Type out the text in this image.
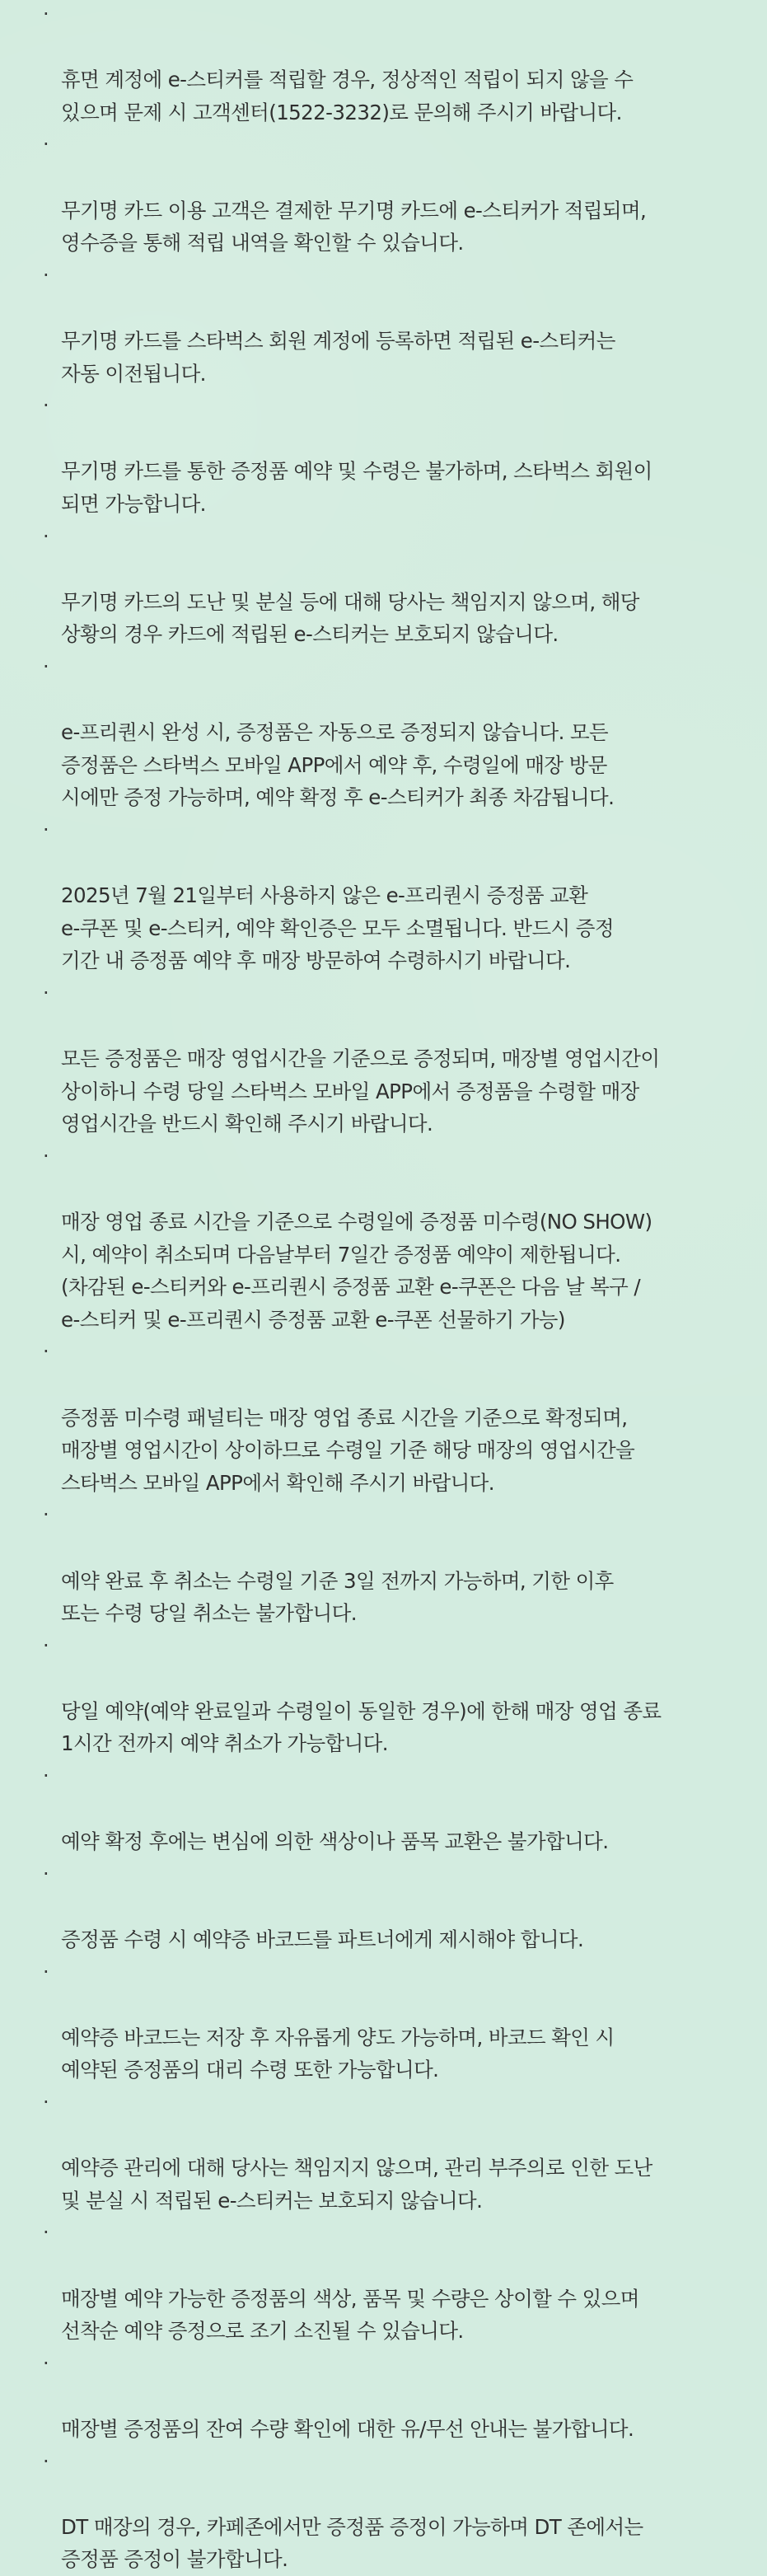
·

휴면 계정에 e-스티커를 적립할 경우, 정상적인 적립이 되지 않을 수
있으며 문제 시 고객센터(1522-3232)로 문의해 주시기 바랍니다.

·

무기명 카드 이용 고객은 결제한 무기명 카드에 e-스티커가 적립되며,
영수증을 통해 적립 내역을 확인할 수 있습니다.

·

무기명 카드를 스타벅스 회원 계정에 등록하면 적립된 e-스티커는
자동 이전됩니다.

·

무기명 카드를 통한 증정품 예약 및 수령은 불가하며, 스타벅스 회원이
되면 가능합니다.

·

무기명 카드의 도난 및 분실 등에 대해 당사는 책임지지 않으며, 해당
상황의 경우 카드에 적립된 e-스티커는 보호되지 않습니다.

·

e-프리퀀시 완성 시, 증정품은 자동으로 증정되지 않습니다. 모든
증정품은 스타벅스 모바일 APP에서 예약 후, 수령일에 매장 방문
시에만 증정 가능하며, 예약 확정 후 e-스티커가 최종 차감됩니다.

·

2025년 7월 21일부터 사용하지 않은 e-프리퀀시 증정품 교환
e-쿠폰 및 e-스티커, 예약 확인증은 모두 소멸됩니다. 반드시 증정
기간 내 증정품 예약 후 매장 방문하여 수령하시기 바랍니다.

·

모든 증정품은 매장 영업시간을 기준으로 증정되며, 매장별 영업시간이
상이하니 수령 당일 스타벅스 모바일 APP에서 증정품을 수령할 매장
영업시간을 반드시 확인해 주시기 바랍니다.

·

매장 영업 종료 시간을 기준으로 수령일에 증정품 미수령(NO SHOW)
시, 예약이 취소되며 다음날부터 7일간 증정품 예약이 제한됩니다.
(차감된 e-스티커와 e-프리퀀시 증정품 교환 e-쿠폰은 다음 날 복구 /
e-스티커 및 e-프리퀀시 증정품 교환 e-쿠폰 선물하기 가능)

·

증정품 미수령 패널티는 매장 영업 종료 시간을 기준으로 확정되며,
매장별 영업시간이 상이하므로 수령일 기준 해당 매장의 영업시간을
스타벅스 모바일 APP에서 확인해 주시기 바랍니다.

·

예약 완료 후 취소는 수령일 기준 3일 전까지 가능하며, 기한 이후
또는 수령 당일 취소는 불가합니다.

·

당일 예약(예약 완료일과 수령일이 동일한 경우)에 한해 매장 영업 종료
1시간 전까지 예약 취소가 가능합니다.

·

예약 확정 후에는 변심에 의한 색상이나 품목 교환은 불가합니다.

·

증정품 수령 시 예약증 바코드를 파트너에게 제시해야 합니다.

·

예약증 바코드는 저장 후 자유롭게 양도 가능하며, 바코드 확인 시
예약된 증정품의 대리 수령 또한 가능합니다.

·

예약증 관리에 대해 당사는 책임지지 않으며, 관리 부주의로 인한 도난
및 분실 시 적립된 e-스티커는 보호되지 않습니다.

·

매장별 예약 가능한 증정품의 색상, 품목 및 수량은 상이할 수 있으며
선착순 예약 증정으로 조기 소진될 수 있습니다.

·

매장별 증정품의 잔여 수량 확인에 대한 유/무선 안내는 불가합니다.

·

DT 매장의 경우, 카페존에서만 증정품 증정이 가능하며 DT 존에서는
증정품 증정이 불가합니다.
